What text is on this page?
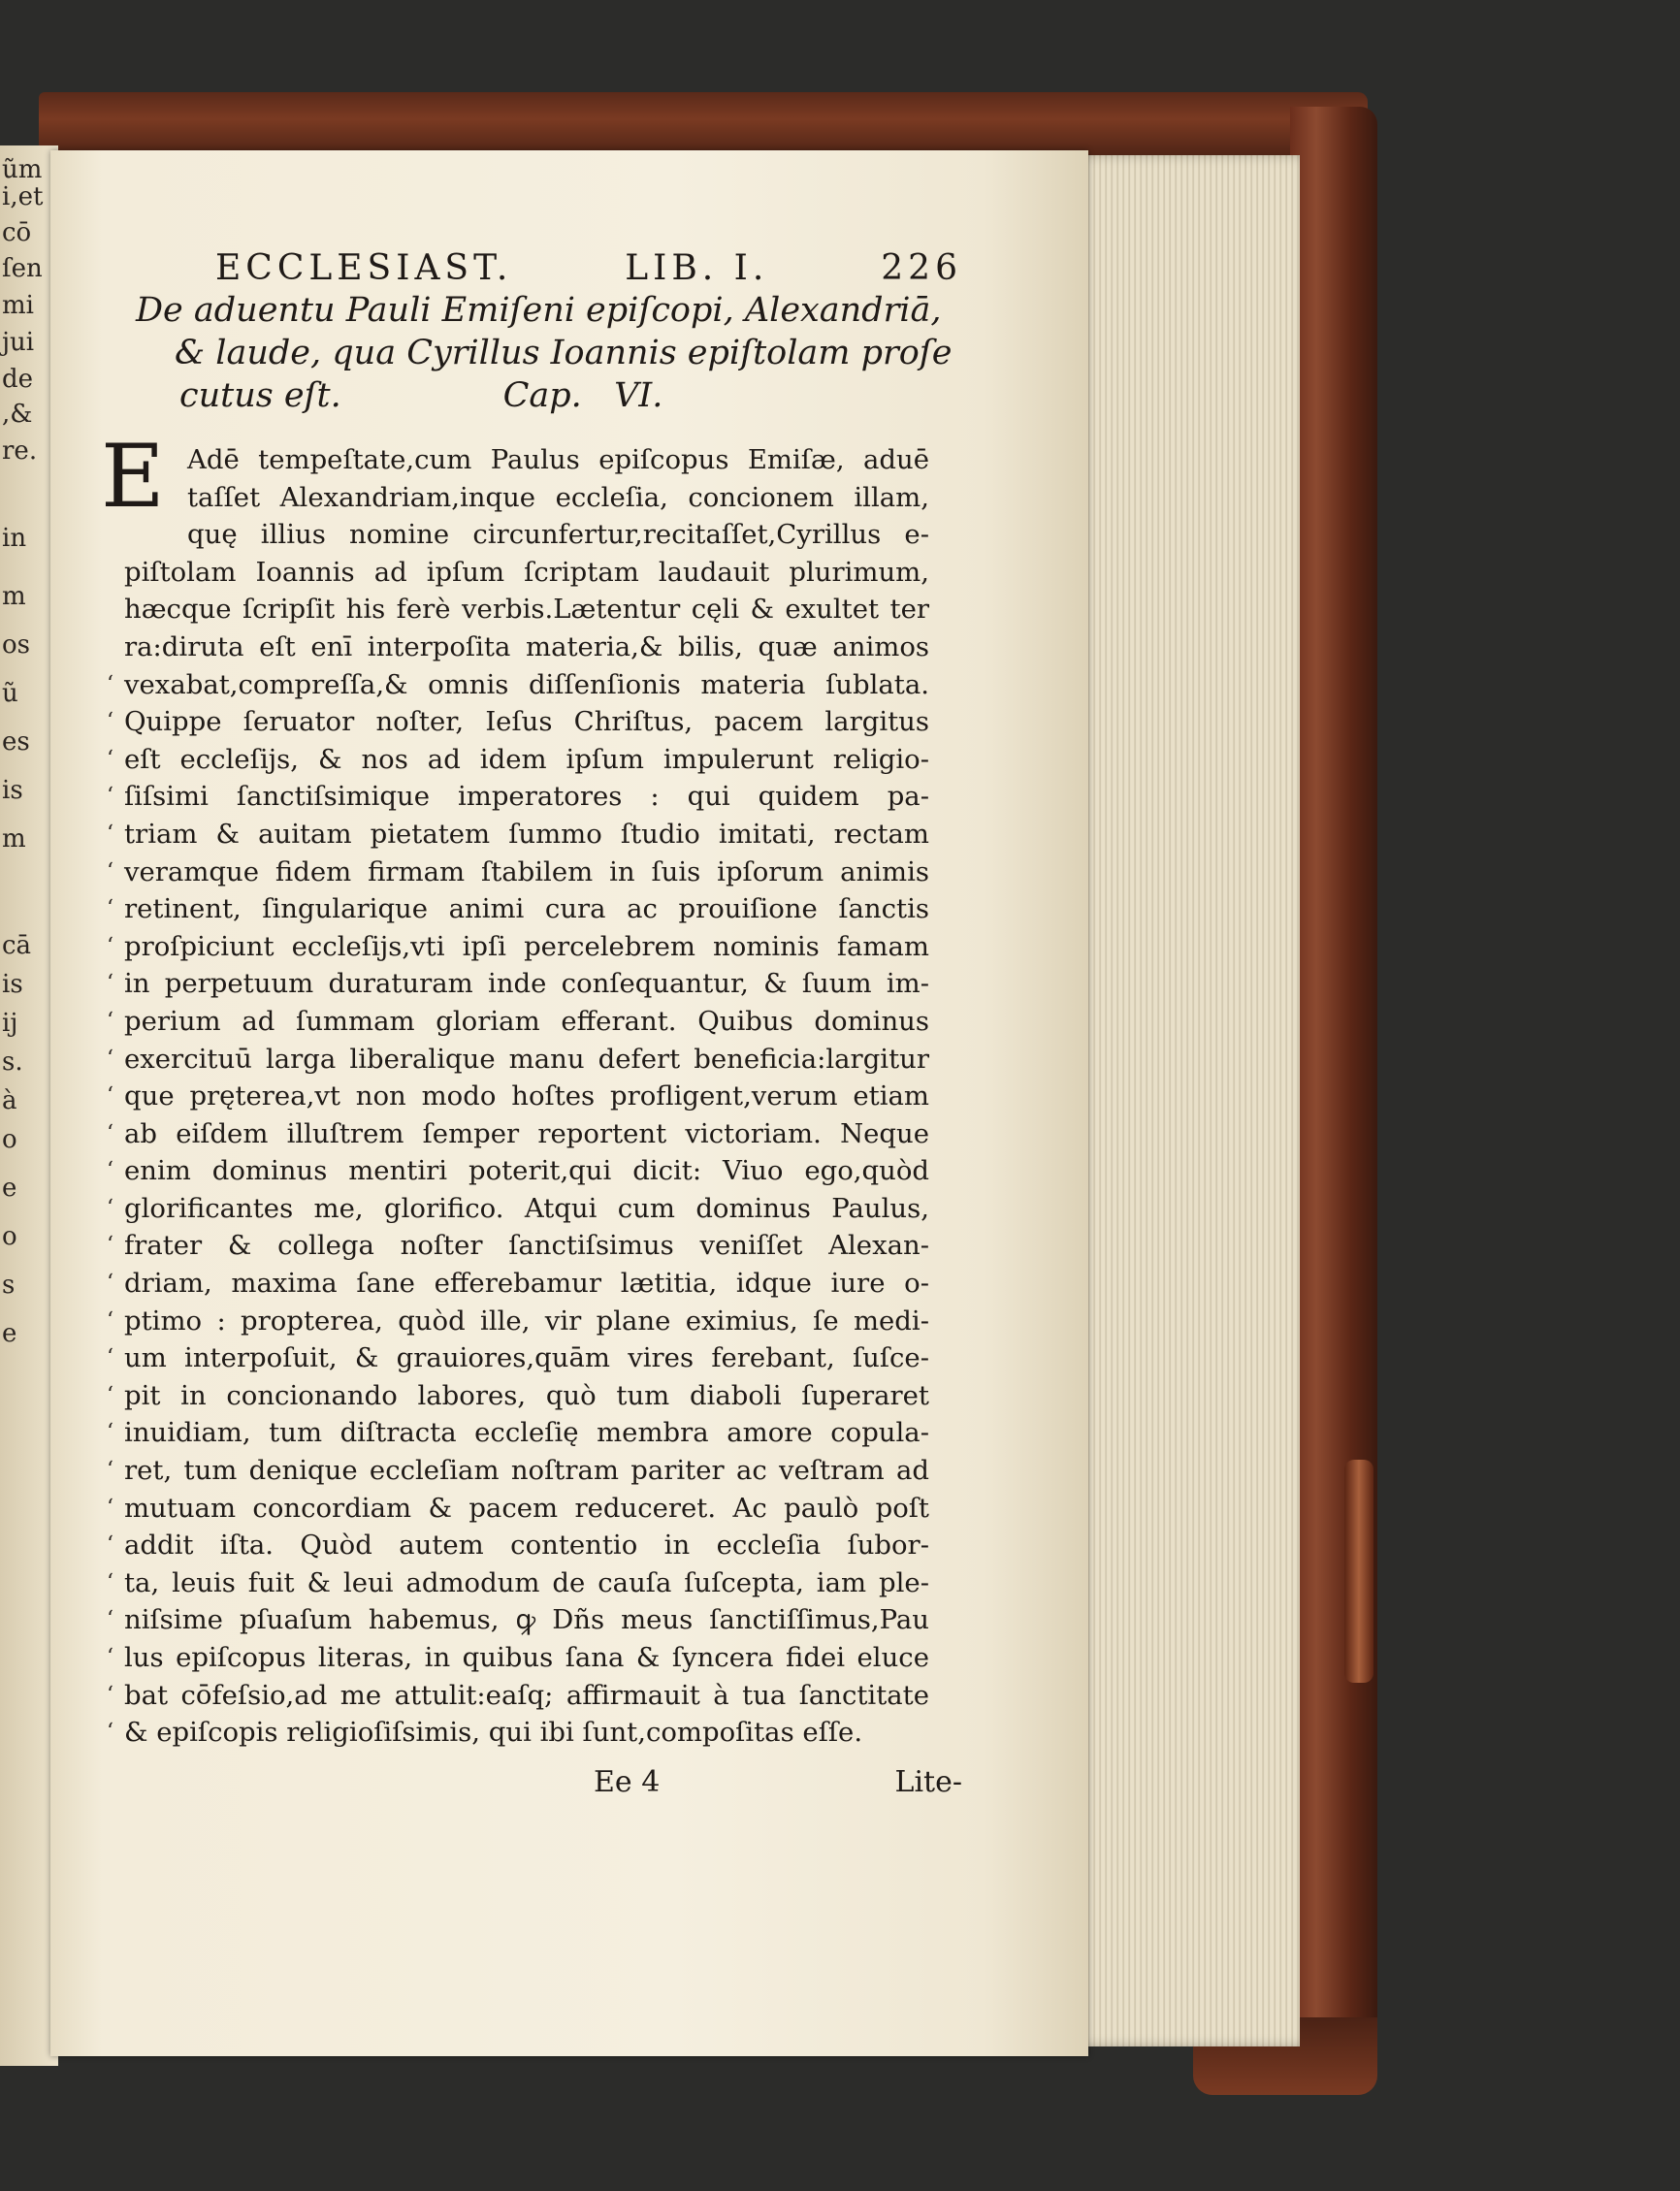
ũm
i,et
cō
ſen
mi
jui
de
,&
re.
in
m
os
ũ
es
is
m
cā
is
ij
s.
à
o
e
o
s
e
ECCLESIAST.	LIB. I.	226
De aduentu Pauli Emiſeni epiſcopi, Alexandriā,
& laude, qua Cyrillus Ioannis epiſtolam proſe
cutus eſt.               Cap.   VI.
E Adē tempeſtate,cum Paulus epiſcopus Emiſæ, aduē
taſſet Alexandriam,inque eccleſia, concionem illam,
quę illius nomine circunfertur,recitaſſet,Cyrillus e-
piſtolam Ioannis ad ipſum ſcriptam laudauit plurimum,
hæcque ſcripſit his ferè verbis.Lætentur cęli & exultet ter
ra:diruta eſt enī interpoſita materia,& bilis, quæ animos
vexabat,compreſſa,& omnis diſſenſionis materia ſublata.
‘
Quippe ſeruator noſter, Ieſus Chriſtus, pacem largitus
‘
eſt eccleſijs, & nos ad idem ipſum impulerunt religio-
‘
ſiſsimi ſanctiſsimique imperatores : qui quidem pa-
‘
triam & auitam pietatem ſummo ſtudio imitati, rectam
‘
veramque fidem firmam ſtabilem in ſuis ipſorum animis
‘
retinent, ſingularique animi cura ac prouiſione ſanctis
‘
proſpiciunt eccleſijs,vti ipſi percelebrem nominis famam
‘
in perpetuum duraturam inde conſequantur, & ſuum im-
‘
perium ad ſummam gloriam efferant. Quibus dominus
‘
exercituū larga liberalique manu defert beneficia:largitur
‘
que pręterea,vt non modo hoſtes profligent,verum etiam
‘
ab eiſdem illuſtrem ſemper reportent victoriam. Neque
‘
enim dominus mentiri poterit,qui dicit: Viuo ego,quòd
‘
glorificantes me, glorifico. Atqui cum dominus Paulus,
‘
frater & collega noſter ſanctiſsimus veniſſet Alexan-
‘
driam, maxima ſane efferebamur lætitia, idque iure o-
‘
ptimo : propterea, quòd ille, vir plane eximius, ſe medi-
‘
um interpoſuit, & grauiores,quām vires ferebant, ſuſce-
‘
pit in concionando labores, quò tum diaboli ſuperaret
‘
inuidiam, tum diſtracta eccleſię membra amore copula-
‘
ret, tum denique eccleſiam noſtram pariter ac veſtram ad
‘
mutuam concordiam & pacem reduceret. Ac paulò poſt
‘
addit iſta. Quòd autem contentio in eccleſia ſubor-
‘
ta, leuis fuit & leui admodum de cauſa ſuſcepta, iam ple-
‘
niſsime pſuaſum habemus, ꝙ Dñs meus ſanctiſſimus,Pau
‘
lus epiſcopus literas, in quibus ſana & ſyncera fidei eluce
‘
bat cōfeſsio,ad me attulit:eaſq; affirmauit à tua ſanctitate
‘
& epiſcopis religioſiſsimis, qui ibi ſunt,compoſitas eſſe.
‘
Ee 4	Lite-
